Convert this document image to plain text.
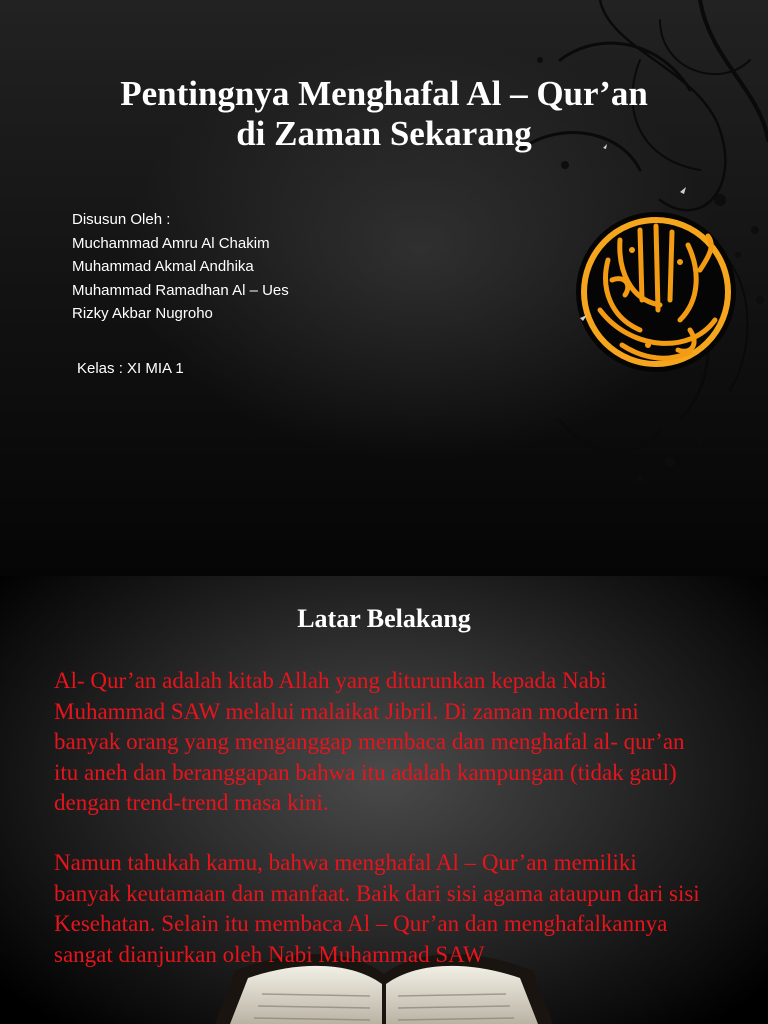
Pentingnya Menghafal Al – Qur’an
di Zaman Sekarang
Disusun Oleh :
Muchammad Amru Al Chakim
Muhammad Akmal Andhika
Muhammad Ramadhan Al – Ues
Rizky Akbar Nugroho
Kelas : XI MIA 1
Latar Belakang
Al- Qur’an adalah kitab Allah yang diturunkan kepada Nabi Muhammad SAW melalui malaikat Jibril. Di zaman modern ini banyak orang yang menganggap membaca dan menghafal al- qur’an itu aneh dan beranggapan bahwa itu adalah kampungan (tidak gaul) dengan trend-trend masa kini.
Namun tahukah kamu, bahwa menghafal Al – Qur’an memiliki banyak keutamaan dan manfaat. Baik dari sisi agama ataupun dari sisi Kesehatan. Selain itu membaca Al – Qur’an dan menghafalkannya sangat dianjurkan oleh Nabi Muhammad SAW
